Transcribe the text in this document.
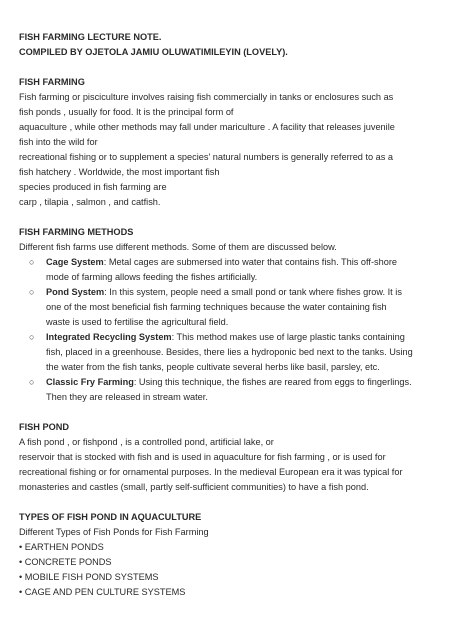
FISH FARMING LECTURE NOTE.

COMPILED BY OJETOLA JAMIU OLUWATIMILEYIN (LOVELY).

FISH FARMING

Fish farming or pisciculture involves raising fish commercially in tanks or enclosures such as

fish ponds , usually for food. It is the principal form of

aquaculture , while other methods may fall under mariculture . A facility that releases juvenile

fish into the wild for

recreational fishing or to supplement a species' natural numbers is generally referred to as a

fish hatchery . Worldwide, the most important fish

species produced in fish farming are

carp , tilapia , salmon , and catfish.

FISH FARMING METHODS

Different fish farms use different methods. Some of them are discussed below.

○ Cage System: Metal cages are submersed into water that contains fish. This off-shore
mode of farming allows feeding the fishes artificially.
○ Pond System: In this system, people need a small pond or tank where fishes grow. It is
one of the most beneficial fish farming techniques because the water containing fish
waste is used to fertilise the agricultural field.
○ Integrated Recycling System: This method makes use of large plastic tanks containing
fish, placed in a greenhouse. Besides, there lies a hydroponic bed next to the tanks. Using
the water from the fish tanks, people cultivate several herbs like basil, parsley, etc.
○ Classic Fry Farming: Using this technique, the fishes are reared from eggs to fingerlings.
Then they are released in stream water.

FISH POND

A fish pond , or fishpond , is a controlled pond, artificial lake, or

reservoir that is stocked with fish and is used in aquaculture for fish farming , or is used for

recreational fishing or for ornamental purposes. In the medieval European era it was typical for

monasteries and castles (small, partly self-sufficient communities) to have a fish pond.

TYPES OF FISH POND IN AQUACULTURE

Different Types of Fish Ponds for Fish Farming

• EARTHEN PONDS
• CONCRETE PONDS
• MOBILE FISH POND SYSTEMS
• CAGE AND PEN CULTURE SYSTEMS
